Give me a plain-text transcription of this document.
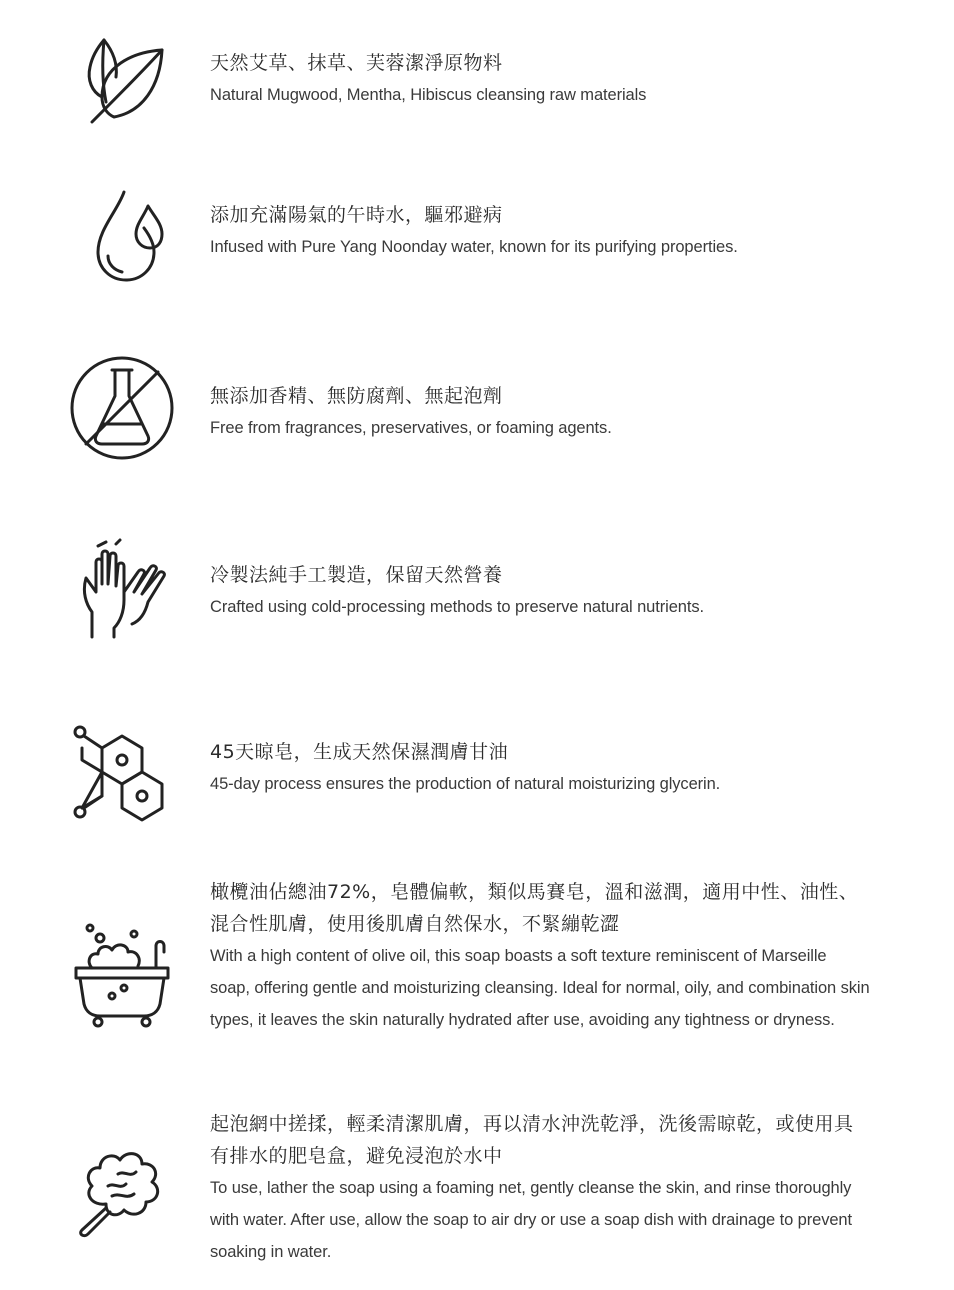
天然艾草、抹草、芙蓉潔淨原物料
Natural Mugwood, Mentha, Hibiscus cleansing raw materials
添加充滿陽氣的午時水，驅邪避病
Infused with Pure Yang Noonday water, known for its purifying properties.
無添加香精、無防腐劑、無起泡劑
Free from fragrances, preservatives, or foaming agents.
冷製法純手工製造，保留天然營養
Crafted using cold-processing methods to preserve natural nutrients.
45天晾皂，生成天然保濕潤膚甘油
45-day process ensures the production of natural moisturizing glycerin.
橄欖油佔總油72%，皂體偏軟，類似馬賽皂，溫和滋潤，適用中性、油性、混合性肌膚，使用後肌膚自然保水，不緊繃乾澀
With a high content of olive oil, this soap boasts a soft texture reminiscent of Marseille soap, offering gentle and moisturizing cleansing. Ideal for normal, oily, and combination skin types, it leaves the skin naturally hydrated after use, avoiding any tightness or dryness.
起泡網中搓揉，輕柔清潔肌膚，再以清水沖洗乾淨，洗後需晾乾，或使用具有排水的肥皂盒，避免浸泡於水中
To use, lather the soap using a foaming net, gently cleanse the skin, and rinse thoroughly with water. After use, allow the soap to air dry or use a soap dish with drainage to prevent soaking in water.
